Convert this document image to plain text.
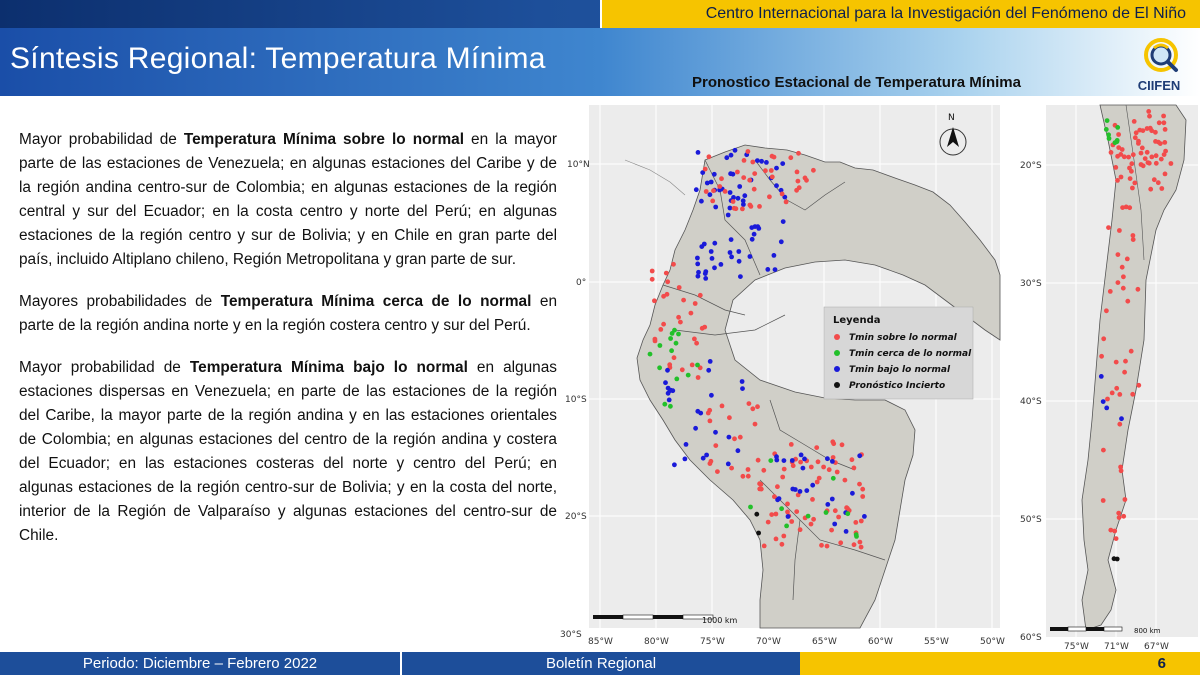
Centro Internacional para la Investigación del Fenómeno de El Niño
Síntesis Regional: Temperatura Mínima
Pronostico Estacional de Temperatura Mínima	CIIFEN

Mayor probabilidad de Temperatura Mínima sobre lo normal en la mayor parte de las estaciones de Venezuela; en algunas estaciones del Caribe y de la región andina centro-sur de Colombia; en algunas estaciones de la región central y sur del Ecuador; en la costa centro y norte del Perú; en algunas estaciones de la región centro y sur de Bolivia; y en Chile en gran parte del país, incluido Altiplano chileno, Región Metropolitana y gran parte de sur.

Mayores probabilidades de Temperatura Mínima cerca de lo normal en parte de la región andina norte y en la región costera centro y sur del Perú.

Mayor probabilidad de Temperatura Mínima bajo lo normal en algunas estaciones dispersas en Venezuela; en parte de las estaciones de la región del Caribe, la mayor parte de la región andina y en las estaciones orientales de Colombia; en algunas estaciones del centro de la región andina y costera del Ecuador; en las estaciones costeras del norte y centro del Perú; en algunas estaciones de la región centro-sur de Bolivia; y en la costa del norte, interior de la Región de Valparaíso y algunas estaciones del centro-sur de Chile.

N
Leyenda
Tmin sobre lo normal
Tmin cerca de lo normal
Tmin bajo lo normal
Pronóstico Incierto
1000 km
10°N
0°
10°S
20°S
30°S
85°W	80°W	75°W	70°W	65°W	60°W	55°W	50°W
800 km
20°S
30°S
40°S
50°S
60°S
75°W 71°W 67°W
Periodo: Diciembre – Febrero 2022	Boletín Regional	6
